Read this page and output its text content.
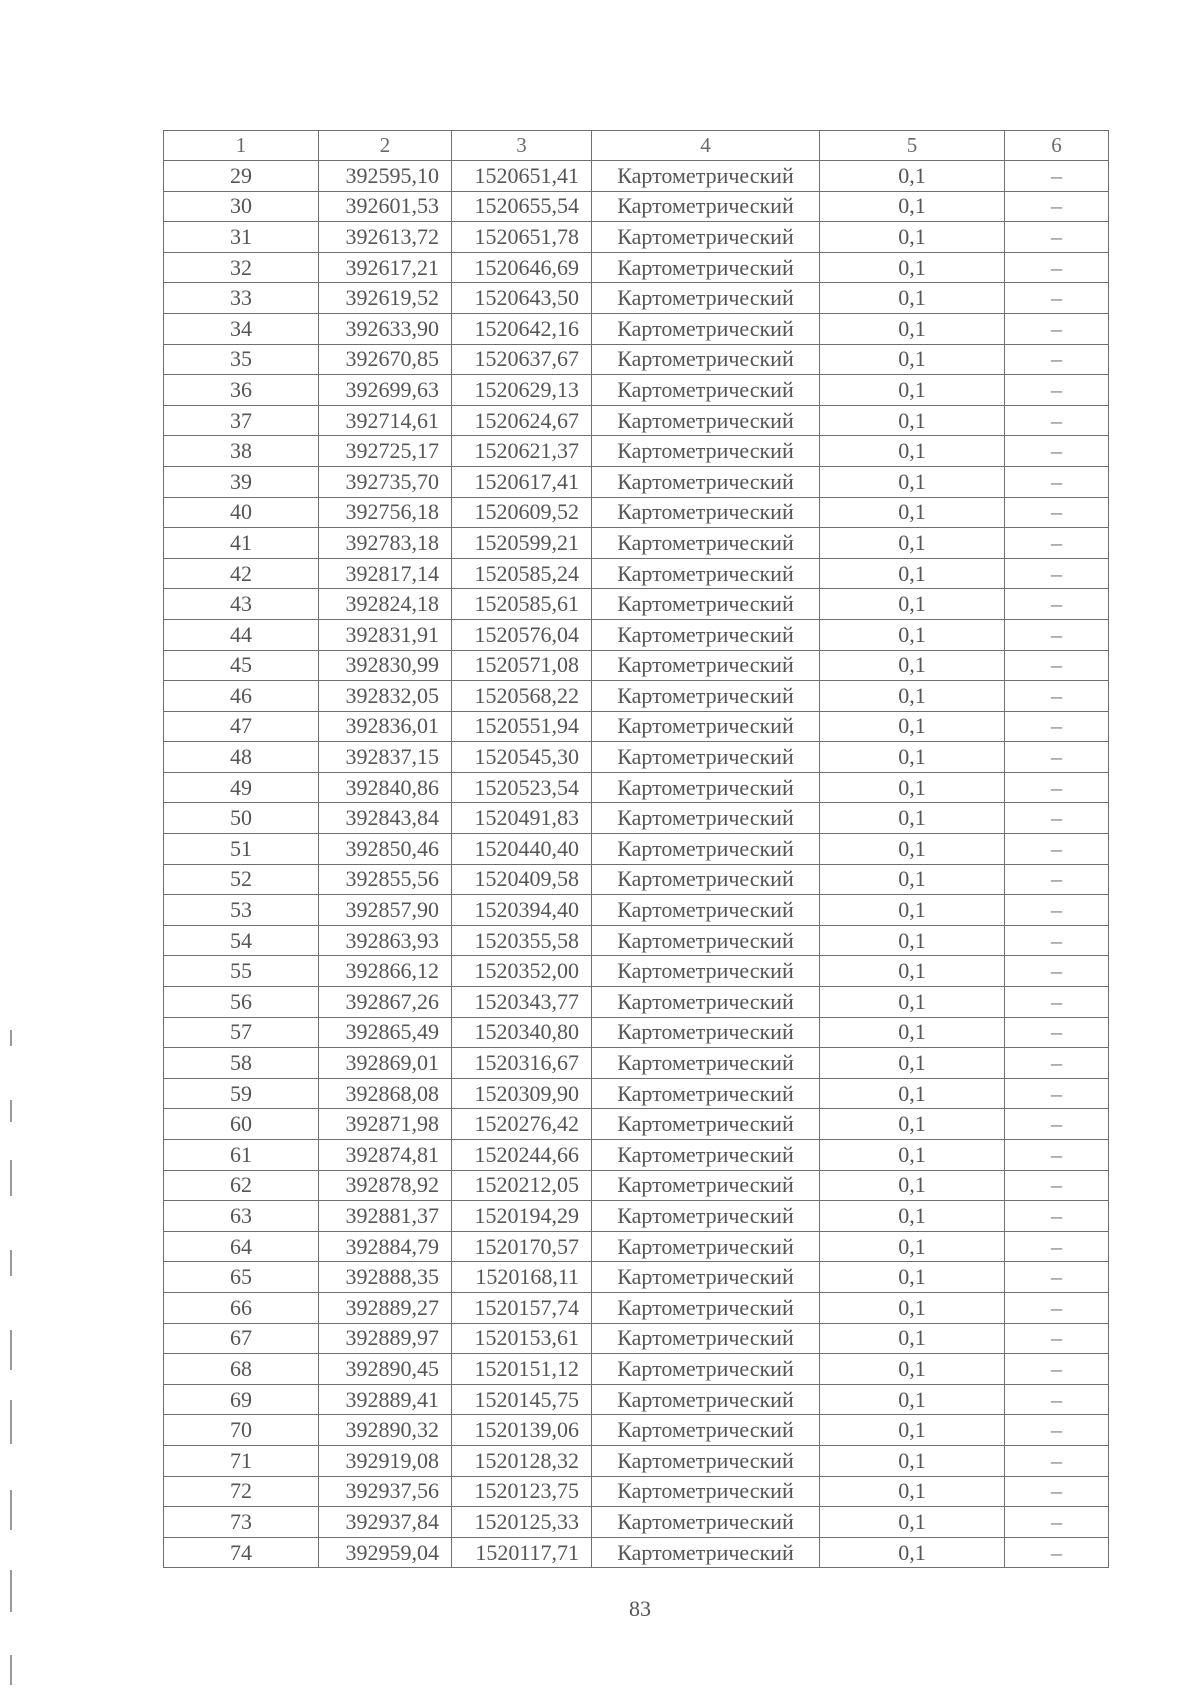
1	2	3	4	5	6
29	392595,10	1520651,41	Картометрический	0,1	–
30	392601,53	1520655,54	Картометрический	0,1	–
31	392613,72	1520651,78	Картометрический	0,1	–
32	392617,21	1520646,69	Картометрический	0,1	–
33	392619,52	1520643,50	Картометрический	0,1	–
34	392633,90	1520642,16	Картометрический	0,1	–
35	392670,85	1520637,67	Картометрический	0,1	–
36	392699,63	1520629,13	Картометрический	0,1	–
37	392714,61	1520624,67	Картометрический	0,1	–
38	392725,17	1520621,37	Картометрический	0,1	–
39	392735,70	1520617,41	Картометрический	0,1	–
40	392756,18	1520609,52	Картометрический	0,1	–
41	392783,18	1520599,21	Картометрический	0,1	–
42	392817,14	1520585,24	Картометрический	0,1	–
43	392824,18	1520585,61	Картометрический	0,1	–
44	392831,91	1520576,04	Картометрический	0,1	–
45	392830,99	1520571,08	Картометрический	0,1	–
46	392832,05	1520568,22	Картометрический	0,1	–
47	392836,01	1520551,94	Картометрический	0,1	–
48	392837,15	1520545,30	Картометрический	0,1	–
49	392840,86	1520523,54	Картометрический	0,1	–
50	392843,84	1520491,83	Картометрический	0,1	–
51	392850,46	1520440,40	Картометрический	0,1	–
52	392855,56	1520409,58	Картометрический	0,1	–
53	392857,90	1520394,40	Картометрический	0,1	–
54	392863,93	1520355,58	Картометрический	0,1	–
55	392866,12	1520352,00	Картометрический	0,1	–
56	392867,26	1520343,77	Картометрический	0,1	–
57	392865,49	1520340,80	Картометрический	0,1	–
58	392869,01	1520316,67	Картометрический	0,1	–
59	392868,08	1520309,90	Картометрический	0,1	–
60	392871,98	1520276,42	Картометрический	0,1	–
61	392874,81	1520244,66	Картометрический	0,1	–
62	392878,92	1520212,05	Картометрический	0,1	–
63	392881,37	1520194,29	Картометрический	0,1	–
64	392884,79	1520170,57	Картометрический	0,1	–
65	392888,35	1520168,11	Картометрический	0,1	–
66	392889,27	1520157,74	Картометрический	0,1	–
67	392889,97	1520153,61	Картометрический	0,1	–
68	392890,45	1520151,12	Картометрический	0,1	–
69	392889,41	1520145,75	Картометрический	0,1	–
70	392890,32	1520139,06	Картометрический	0,1	–
71	392919,08	1520128,32	Картометрический	0,1	–
72	392937,56	1520123,75	Картометрический	0,1	–
73	392937,84	1520125,33	Картометрический	0,1	–
74	392959,04	1520117,71	Картометрический	0,1	–
83
